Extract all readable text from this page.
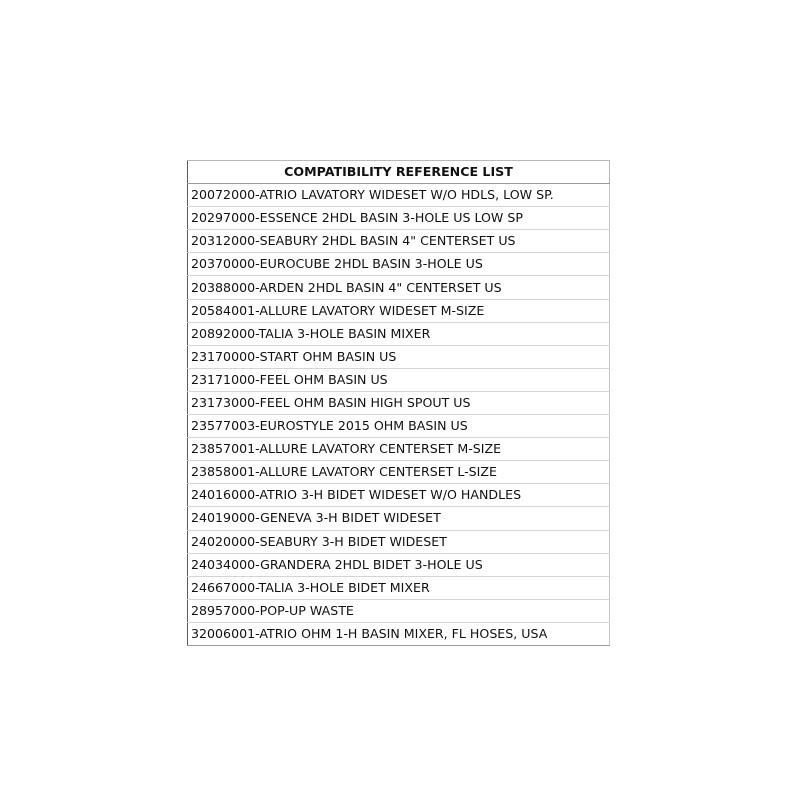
COMPATIBILITY REFERENCE LIST
20072000-ATRIO LAVATORY WIDESET W/O HDLS, LOW SP.
20297000-ESSENCE 2HDL BASIN 3-HOLE US LOW SP
20312000-SEABURY 2HDL BASIN 4" CENTERSET US
20370000-EUROCUBE 2HDL BASIN 3-HOLE US
20388000-ARDEN 2HDL BASIN 4" CENTERSET US
20584001-ALLURE LAVATORY WIDESET M-SIZE
20892000-TALIA 3-HOLE BASIN MIXER
23170000-START OHM BASIN US
23171000-FEEL OHM BASIN US
23173000-FEEL OHM BASIN HIGH SPOUT US
23577003-EUROSTYLE 2015 OHM BASIN US
23857001-ALLURE LAVATORY CENTERSET M-SIZE
23858001-ALLURE LAVATORY CENTERSET L-SIZE
24016000-ATRIO 3-H BIDET WIDESET W/O HANDLES
24019000-GENEVA 3-H BIDET WIDESET
24020000-SEABURY 3-H BIDET WIDESET
24034000-GRANDERA 2HDL BIDET 3-HOLE US
24667000-TALIA 3-HOLE BIDET MIXER
28957000-POP-UP WASTE
32006001-ATRIO OHM 1-H BASIN MIXER, FL HOSES, USA
